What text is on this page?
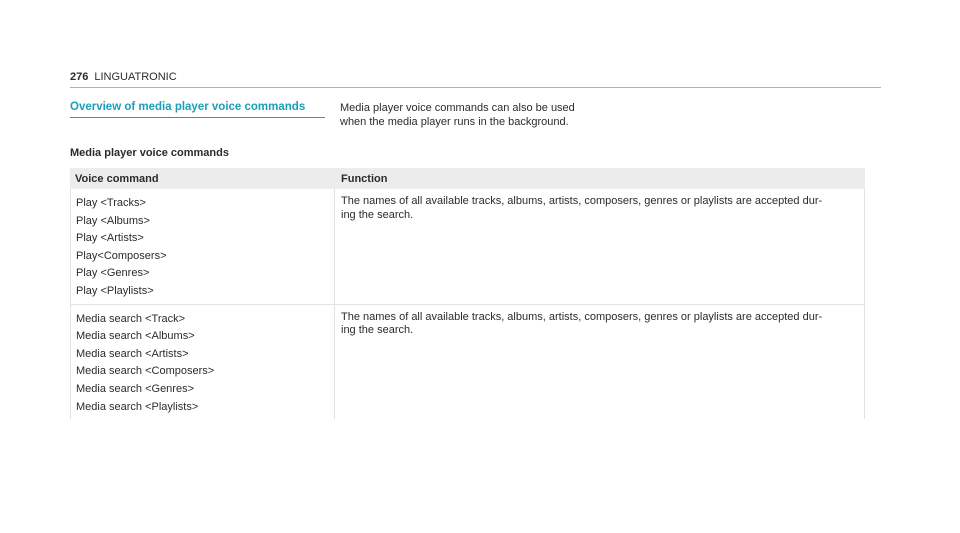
276 LINGUATRONIC
Overview of media player voice commands	Media player voice commands can also be used
when the media player runs in the background.
Media player voice commands
Voice command	Function
Play <Tracks>
Play <Albums>
Play <Artists>
Play<Composers>
Play <Genres>
Play <Playlists>
The names of all available tracks, albums, artists, composers, genres or playlists are accepted dur-
ing the search.
Media search <Track>
Media search <Albums>
Media search <Artists>
Media search <Composers>
Media search <Genres>
Media search <Playlists>
The names of all available tracks, albums, artists, composers, genres or playlists are accepted dur-
ing the search.
